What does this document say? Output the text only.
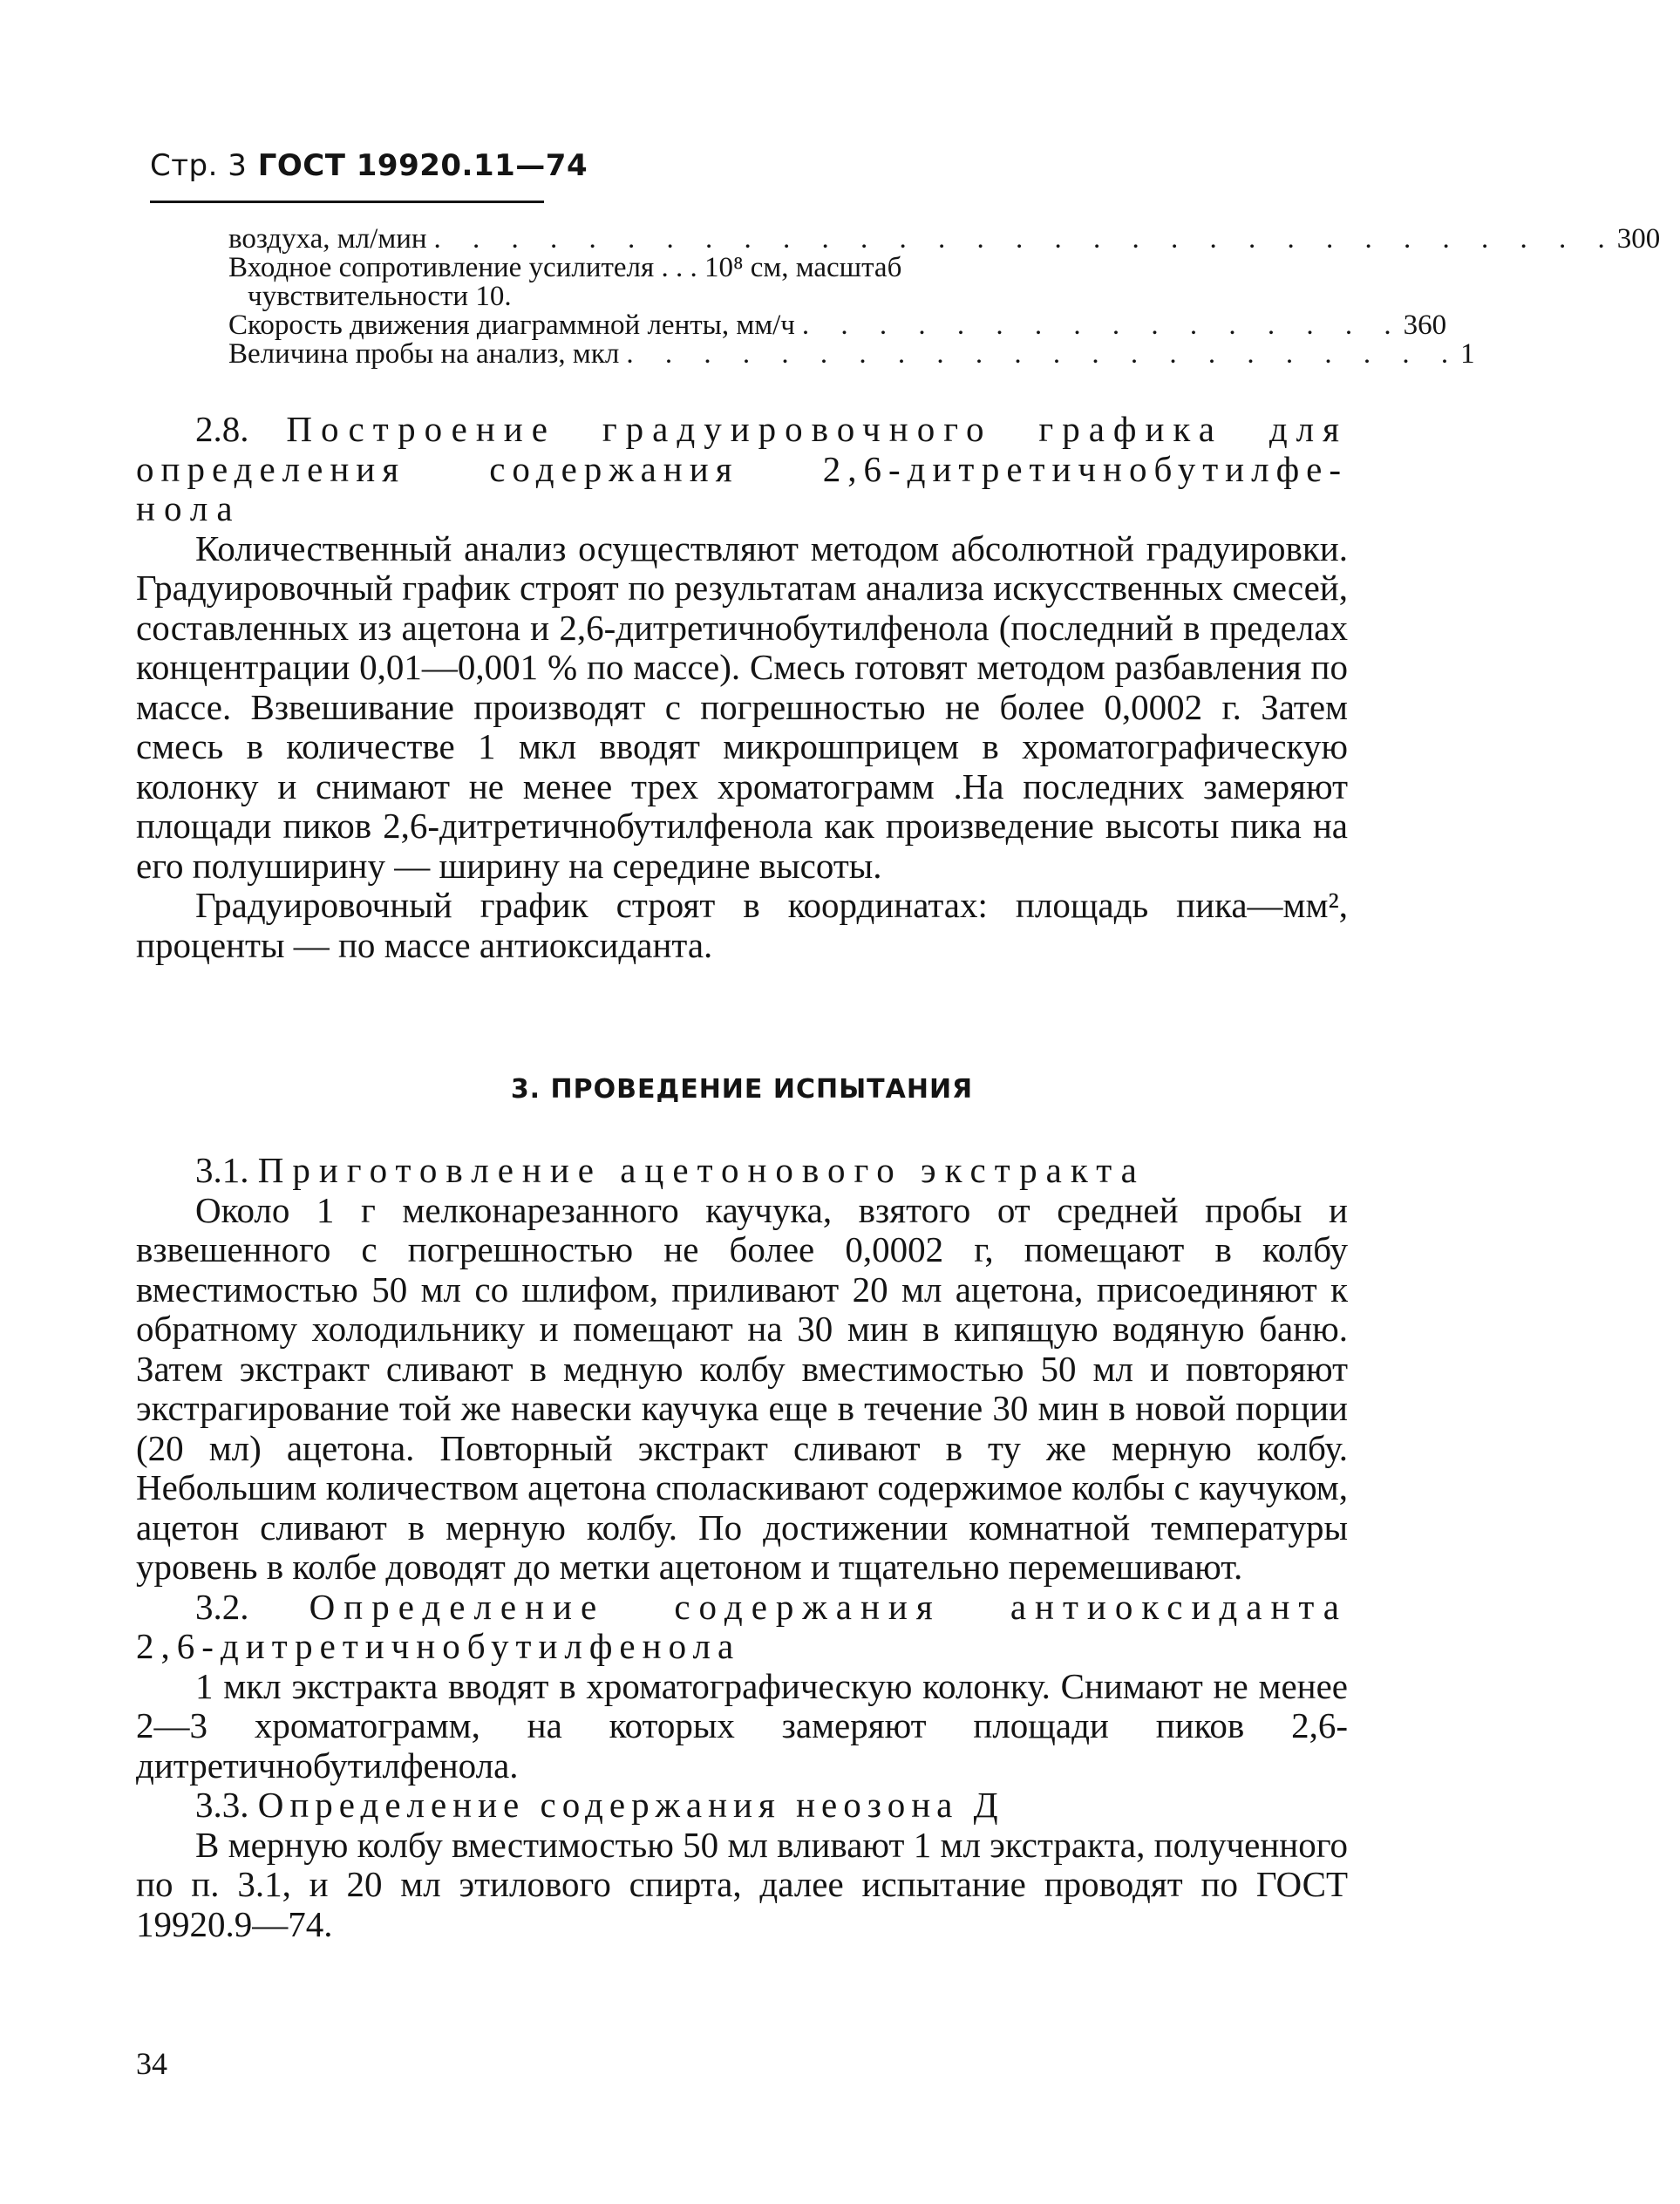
Стр. 3 ГОСТ 19920.11—74
воздуха, мл/мин . . . . . . . . . . . . . . . . . . . . . . . . . . . . . . . 300
Входное сопротивление усилителя . . . 10⁸ см, масштаб
чувствительности 10.
Скорость движения диаграммной ленты, мм/ч . . . . . . . . . . . . . . . . 360
Величина пробы на анализ, мкл . . . . . . . . . . . . . . . . . . . . . . 1

2.8. Построение градуировочного графика для

определения содержания 2,6-дитретичнобутилфе-

нола

Количественный анализ осуществляют методом абсолютной градуировки. Градуировочный график строят по результатам анализа искусственных смесей, составленных из ацетона и 2,6-дитретичнобутилфенола (последний в пределах концентрации 0,01—0,001 % по массе). Смесь готовят методом разбавления по массе. Взвешивание производят с погрешностью не более 0,0002 г. Затем смесь в количестве 1 мкл вводят микрошприцем в хроматографическую колонку и снимают не менее трех хроматограмм .На последних замеряют площади пиков 2,6-дитретичнобутилфенола как произведение высоты пика на его полуширину — ширину на середине высоты.

Градуировочный график строят в координатах: площадь пика—мм², проценты — по массе антиоксиданта.

3. ПРОВЕДЕНИЕ ИСПЫТАНИЯ

3.1. Приготовление ацетонового экстракта

Около 1 г мелконарезанного каучука, взятого от средней пробы и взвешенного с погрешностью не более 0,0002 г, помещают в колбу вместимостью 50 мл со шлифом, приливают 20 мл ацетона, присоединяют к обратному холодильнику и помещают на 30 мин в кипящую водяную баню. Затем экстракт сливают в медную колбу вместимостью 50 мл и повторяют экстрагирование той же навески каучука еще в течение 30 мин в новой порции (20 мл) ацетона. Повторный экстракт сливают в ту же мерную колбу. Небольшим количеством ацетона споласкивают содержимое колбы с каучуком, ацетон сливают в мерную колбу. По достижении комнатной температуры уровень в колбе доводят до метки ацетоном и тщательно перемешивают.

3.2. Определение содержания антиоксиданта

2,6-дитретичнобутилфенола

1 мкл экстракта вводят в хроматографическую колонку. Снимают не менее 2—3 хроматограмм, на которых замеряют площади пиков 2,6-дитретичнобутилфенола.

3.3. Определение содержания неозона Д

В мерную колбу вместимостью 50 мл вливают 1 мл экстракта, полученного по п. 3.1, и 20 мл этилового спирта, далее испытание проводят по ГОСТ 19920.9—74.

34
